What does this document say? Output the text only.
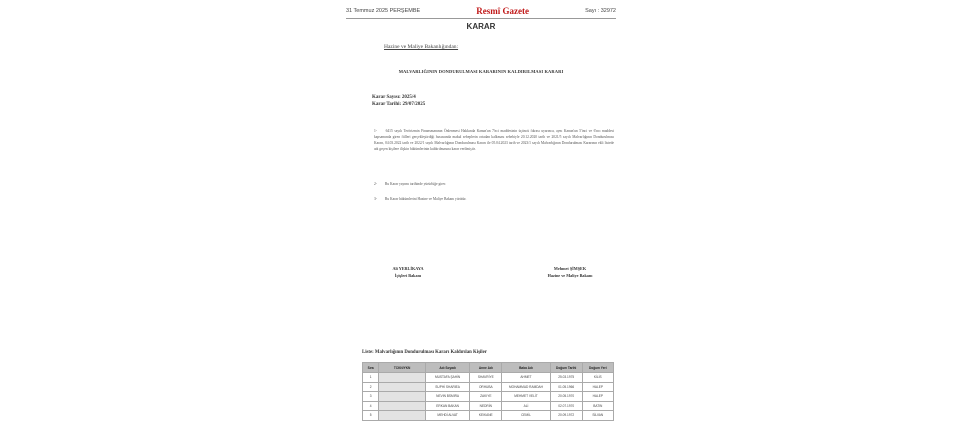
31 Temmuz 2025 PERŞEMBE	Resmî Gazete	Sayı : 32972
KARAR
Hazine ve Maliye Bakanlığından:
MALVARLIĞININ DONDURULMASI KARARININ KALDIRILMASI KARARI
Karar Sayısı: 2025/4
Karar Tarihi: 29/07/2025
1- 6415 sayılı Terörizmin Finansmanının Önlenmesi Hakkında Kanun'un 7'nci maddesinin üçüncü fıkrası uyarınca, aynı Kanun'un 5'inci ve 6'ncı maddesi kapsamında giren fiilleri gerçekleştirdiği hususunda makul sebeplerin ortadan kalkması sebebiyle 20.12.2020 tarih ve 2021/5 sayılı Malvarlığının Dondurulması Kararı, 04.03.2022 tarih ve 2022/1 sayılı Malvarlığının Dondurulması Kararı ile 05.04.2023 tarih ve 2023/1 sayılı Malvarlığının Dondurulması Kararının ekli listede adı geçen kişilere ilişkin hükümlerinin kaldırılmasına karar verilmiştir.
2- Bu Karar yayımı tarihinde yürürlüğe girer.
3- Bu Karar hükümlerini Hazine ve Maliye Bakanı yürütür.
Ali YERLİKAYA
İçişleri Bakanı
Mehmet ŞİMŞEK
Hazine ve Maliye Bakanı
Liste: Malvarlığının Dondurulması Kararı Kaldırılan Kişiler
Sıra	TCKN/YKN	Adı Soyadı	Anne Adı	Baba Adı	Doğum Tarihi	Doğum Yeri
1		MUSTAFA ŞAHİN	SHAVRİYE	AHMET	25.03.1975	KİLİS
2		SUPHİ SHARIEA	ORHUBA	MOHAMMAD RAMDAH	01.05.1966	HALEP
3		NEVIN BSMIRA	ZAKIYE	MEHMET VELİT	20.05.1970	HALEP
4		ERKAN BAKAN	NEDRİN	ALİ	02.07.1970	BATIN
5		MEHDİ ALVAT	KEIKANE	CEMİL	20.09.1972	SİLVAN
